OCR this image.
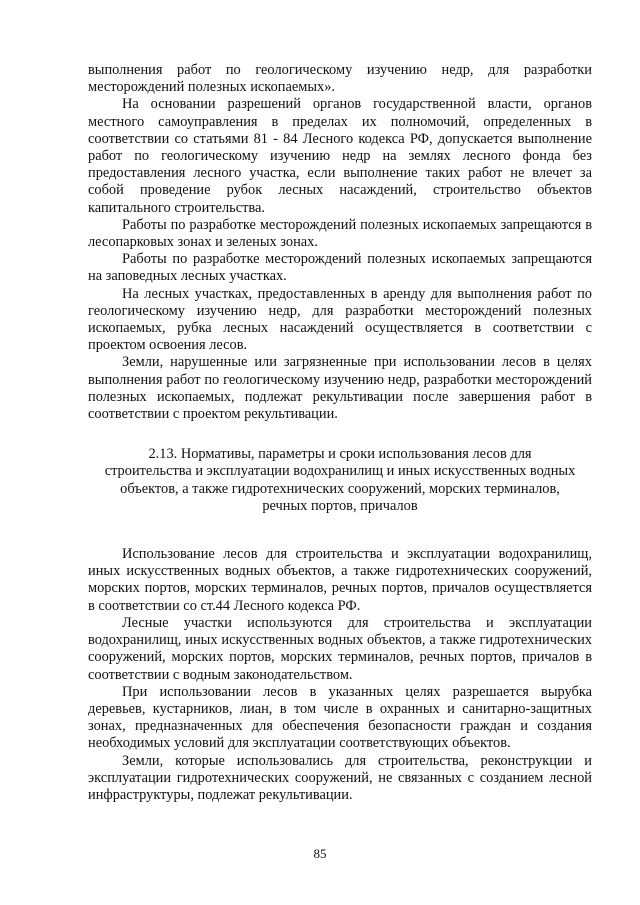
выполнения работ по геологическому изучению недр, для разработки месторождений полезных ископаемых».

На основании разрешений органов государственной власти, органов местного самоуправления в пределах их полномочий, определенных в соответствии со статьями 81 - 84 Лесного кодекса РФ, допускается выполнение работ по геологическому изучению недр на землях лесного фонда без предоставления лесного участка, если выполнение таких работ не влечет за собой проведение рубок лесных насаждений, строительство объектов капитального строительства.

Работы по разработке месторождений полезных ископаемых запрещаются в лесопарковых зонах и зеленых зонах.

Работы по разработке месторождений полезных ископаемых запрещаются на заповедных лесных участках.

На лесных участках, предоставленных в аренду для выполнения работ по геологическому изучению недр, для разработки месторождений полезных ископаемых, рубка лесных насаждений осуществляется в соответствии с проектом освоения лесов.

Земли, нарушенные или загрязненные при использовании лесов в целях выполнения работ по геологическому изучению недр, разработки месторождений полезных ископаемых, подлежат рекультивации после завершения работ в соответствии с проектом рекультивации.

2.13. Нормативы, параметры и сроки использования лесов для
строительства и эксплуатации водохранилищ и иных искусственных водных
объектов, а также гидротехнических сооружений, морских терминалов,
речных портов, причалов

Использование лесов для строительства и эксплуатации водохранилищ, иных искусственных водных объектов, а также гидротехнических сооружений, морских портов, морских терминалов, речных портов, причалов осуществляется в соответствии со ст.44 Лесного кодекса РФ.

Лесные участки используются для строительства и эксплуатации водохранилищ, иных искусственных водных объектов, а также гидротехнических сооружений, морских портов, морских терминалов, речных портов, причалов в соответствии с водным законодательством.

При использовании лесов в указанных целях разрешается вырубка деревьев, кустарников, лиан, в том числе в охранных и санитарно-защитных зонах, предназначенных для обеспечения безопасности граждан и создания необходимых условий для эксплуатации соответствующих объектов.

Земли, которые использовались для строительства, реконструкции и эксплуатации гидротехнических сооружений, не связанных с созданием лесной инфраструктуры, подлежат рекультивации.

85
